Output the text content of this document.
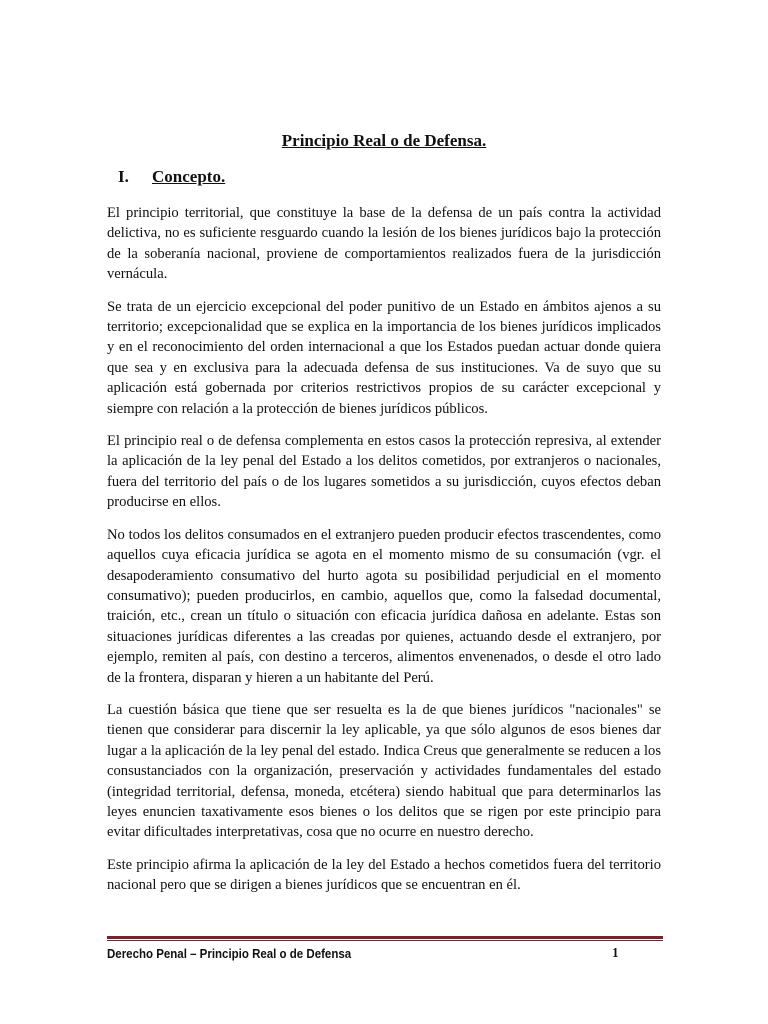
Principio Real o de Defensa.
I.	Concepto.

El principio territorial, que constituye la base de la defensa de un país contra la actividad delictiva, no es suficiente resguardo cuando la lesión de los bienes jurídicos bajo la protección de la soberanía nacional, proviene de comportamientos realizados fuera de la jurisdicción vernácula.

Se trata de un ejercicio excepcional del poder punitivo de un Estado en ámbitos ajenos a su territorio; excepcionalidad que se explica en la importancia de los bienes jurídicos implicados y en el reconocimiento del orden internacional a que los Estados puedan actuar donde quiera que sea y en exclusiva para la adecuada defensa de sus instituciones. Va de suyo que su aplicación está gobernada por criterios restrictivos propios de su carácter excepcional y siempre con relación a la protección de bienes jurídicos públicos.

El principio real o de defensa complementa en estos casos la protección represiva, al extender la aplicación de la ley penal del Estado a los delitos cometidos, por extranjeros o nacionales, fuera del territorio del país o de los lugares sometidos a su jurisdicción, cuyos efectos deban producirse en ellos.

No todos los delitos consumados en el extranjero pueden producir efectos trascendentes, como aquellos cuya eficacia jurídica se agota en el momento mismo de su consumación (vgr. el desapoderamiento consumativo del hurto agota su posibilidad perjudicial en el momento consumativo); pueden producirlos, en cambio, aquellos que, como la falsedad documental, traición, etc., crean un título o situación con eficacia jurídica dañosa en adelante. Estas son situaciones jurídicas diferentes a las creadas por quienes, actuando desde el extranjero, por ejemplo, remiten al país, con destino a terceros, alimentos envenenados, o desde el otro lado de la frontera, disparan y hieren a un habitante del Perú.

La cuestión básica que tiene que ser resuelta es la de que bienes jurídicos "nacionales" se tienen que considerar para discernir la ley aplicable, ya que sólo algunos de esos bienes dar lugar a la aplicación de la ley penal del estado. Indica Creus que generalmente se reducen a los consustanciados con la organización, preservación y actividades fundamentales del estado (integridad territorial, defensa, moneda, etcétera) siendo habitual que para determinarlos las leyes enuncien taxativamente esos bienes o los delitos que se rigen por este principio para evitar dificultades interpretativas, cosa que no ocurre en nuestro derecho.

Este principio afirma la aplicación de la ley del Estado a hechos cometidos fuera del territorio nacional pero que se dirigen a bienes jurídicos que se encuentran en él.

Derecho Penal – Principio Real o de Defensa	1
